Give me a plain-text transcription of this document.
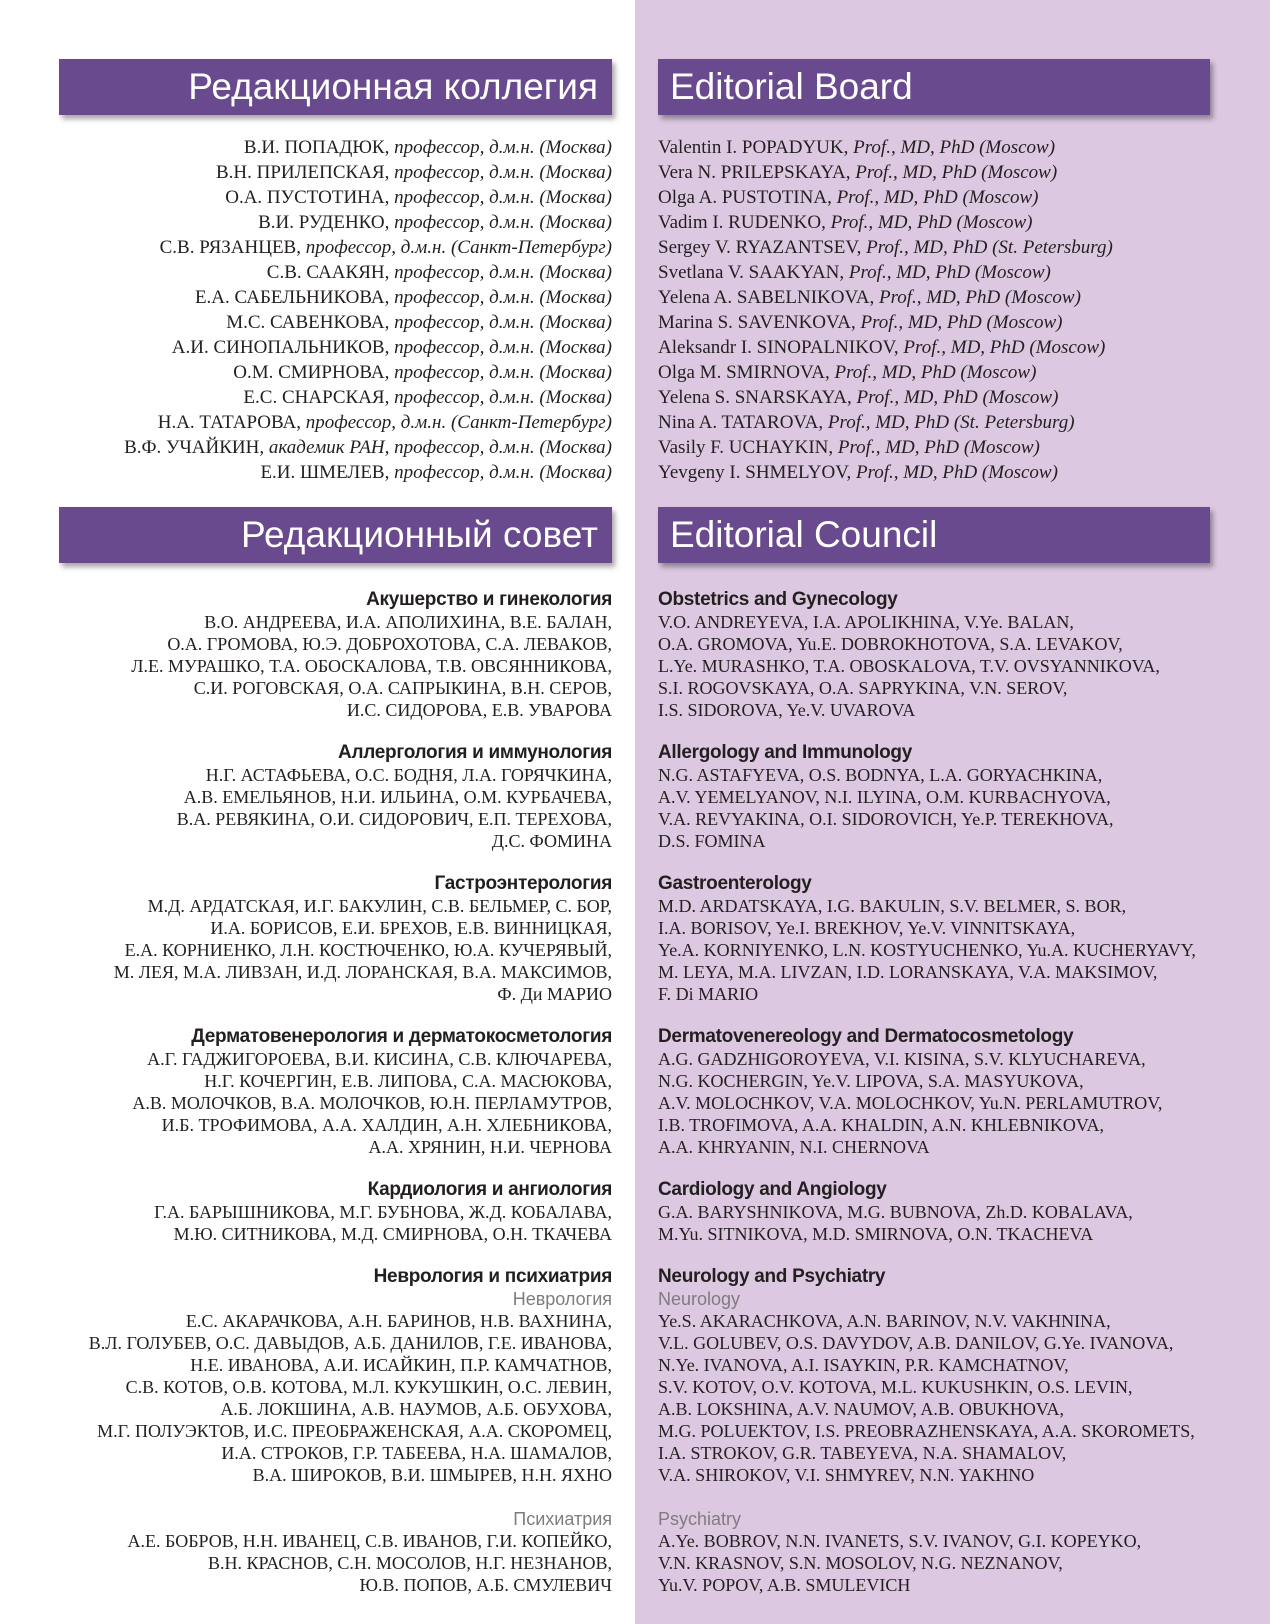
Редакционная коллегия
В.И. ПОПАДЮК, профессор, д.м.н. (Москва)
В.Н. ПРИЛЕПСКАЯ, профессор, д.м.н. (Москва)
О.А. ПУСТОТИНА, профессор, д.м.н. (Москва)
В.И. РУДЕНКО, профессор, д.м.н. (Москва)
С.В. РЯЗАНЦЕВ, профессор, д.м.н. (Санкт-Петербург)
С.В. СААКЯН, профессор, д.м.н. (Москва)
Е.А. САБЕЛЬНИКОВА, профессор, д.м.н. (Москва)
М.С. САВЕНКОВА, профессор, д.м.н. (Москва)
А.И. СИНОПАЛЬНИКОВ, профессор, д.м.н. (Москва)
О.М. СМИРНОВА, профессор, д.м.н. (Москва)
Е.С. СНАРСКАЯ, профессор, д.м.н. (Москва)
Н.А. ТАТАРОВА, профессор, д.м.н. (Санкт-Петербург)
В.Ф. УЧАЙКИН, академик РАН, профессор, д.м.н. (Москва)
Е.И. ШМЕЛЕВ, профессор, д.м.н. (Москва)
Редакционный совет
Акушерство и гинекология
В.О. АНДРЕЕВА, И.А. АПОЛИХИНА, В.Е. БАЛАН,
О.А. ГРОМОВА, Ю.Э. ДОБРОХОТОВА, С.А. ЛЕВАКОВ,
Л.Е. МУРАШКО, Т.А. ОБОСКАЛОВА, Т.В. ОВСЯННИКОВА,
С.И. РОГОВСКАЯ, О.А. САПРЫКИНА, В.Н. СЕРОВ,
И.С. СИДОРОВА, Е.В. УВАРОВА
Аллергология и иммунология
Н.Г. АСТАФЬЕВА, О.С. БОДНЯ, Л.А. ГОРЯЧКИНА,
А.В. ЕМЕЛЬЯНОВ, Н.И. ИЛЬИНА, О.М. КУРБАЧЕВА,
В.А. РЕВЯКИНА, О.И. СИДОРОВИЧ, Е.П. ТЕРЕХОВА,
Д.С. ФОМИНА
Гастроэнтерология
М.Д. АРДАТСКАЯ, И.Г. БАКУЛИН, С.В. БЕЛЬМЕР, С. БОР,
И.А. БОРИСОВ, Е.И. БРЕХОВ, Е.В. ВИННИЦКАЯ,
Е.А. КОРНИЕНКО, Л.Н. КОСТЮЧЕНКО, Ю.А. КУЧЕРЯВЫЙ,
М. ЛЕЯ, М.А. ЛИВЗАН, И.Д. ЛОРАНСКАЯ, В.А. МАКСИМОВ,
Ф. Ди МАРИО
Дерматовенерология и дерматокосметология
А.Г. ГАДЖИГОРОЕВА, В.И. КИСИНА, С.В. КЛЮЧАРЕВА,
Н.Г. КОЧЕРГИН, Е.В. ЛИПОВА, С.А. МАСЮКОВА,
А.В. МОЛОЧКОВ, В.А. МОЛОЧКОВ, Ю.Н. ПЕРЛАМУТРОВ,
И.Б. ТРОФИМОВА, А.А. ХАЛДИН, А.Н. ХЛЕБНИКОВА,
А.А. ХРЯНИН, Н.И. ЧЕРНОВА
Кардиология и ангиология
Г.А. БАРЫШНИКОВА, М.Г. БУБНОВА, Ж.Д. КОБАЛАВА,
М.Ю. СИТНИКОВА, М.Д. СМИРНОВА, О.Н. ТКАЧЕВА
Неврология и психиатрия
Неврология
Е.С. АКАРАЧКОВА, А.Н. БАРИНОВ, Н.В. ВАХНИНА,
В.Л. ГОЛУБЕВ, О.С. ДАВЫДОВ, А.Б. ДАНИЛОВ, Г.Е. ИВАНОВА,
Н.Е. ИВАНОВА, А.И. ИСАЙКИН, П.Р. КАМЧАТНОВ,
С.В. КОТОВ, О.В. КОТОВА, М.Л. КУКУШКИН, О.С. ЛЕВИН,
А.Б. ЛОКШИНА, А.В. НАУМОВ, А.Б. ОБУХОВА,
М.Г. ПОЛУЭКТОВ, И.С. ПРЕОБРАЖЕНСКАЯ, А.А. СКОРОМЕЦ,
И.А. СТРОКОВ, Г.Р. ТАБЕЕВА, Н.А. ШАМАЛОВ,
В.А. ШИРОКОВ, В.И. ШМЫРЕВ, Н.Н. ЯХНО
Психиатрия
А.Е. БОБРОВ, Н.Н. ИВАНЕЦ, С.В. ИВАНОВ, Г.И. КОПЕЙКО,
В.Н. КРАСНОВ, С.Н. МОСОЛОВ, Н.Г. НЕЗНАНОВ,
Ю.В. ПОПОВ, А.Б. СМУЛЕВИЧ
Editorial Board
Valentin I. POPADYUK, Prof., MD, PhD (Moscow)
Vera N. PRILEPSKAYA, Prof., MD, PhD (Moscow)
Olga A. PUSTOTINA, Prof., MD, PhD (Moscow)
Vadim I. RUDENKO, Prof., MD, PhD (Moscow)
Sergey V. RYAZANTSEV, Prof., MD, PhD (St. Petersburg)
Svetlana V. SAAKYAN, Prof., MD, PhD (Moscow)
Yelena A. SABELNIKOVA, Prof., MD, PhD (Moscow)
Marina S. SAVENKOVA, Prof., MD, PhD (Moscow)
Aleksandr I. SINOPALNIKOV, Prof., MD, PhD (Moscow)
Olga M. SMIRNOVA, Prof., MD, PhD (Moscow)
Yelena S. SNARSKAYA, Prof., MD, PhD (Moscow)
Nina A. TATAROVA, Prof., MD, PhD (St. Petersburg)
Vasily F. UCHAYKIN, Prof., MD, PhD (Moscow)
Yevgeny I. SHMELYOV, Prof., MD, PhD (Moscow)
Editorial Council
Obstetrics and Gynecology
V.O. ANDREYEVA, I.A. APOLIKHINA, V.Ye. BALAN,
O.A. GROMOVA, Yu.E. DOBROKHOTOVA, S.A. LEVAKOV,
L.Ye. MURASHKO, T.A. OBOSKALOVA, T.V. OVSYANNIKOVA,
S.I. ROGOVSKAYA, O.A. SAPRYKINA, V.N. SEROV,
I.S. SIDOROVA, Ye.V. UVAROVA
Allergology and Immunology
N.G. ASTAFYEVA, O.S. BODNYA, L.A. GORYACHKINA,
A.V. YEMELYANOV, N.I. ILYINA, O.M. KURBACHYOVA,
V.A. REVYAKINA, O.I. SIDOROVICH, Ye.P. TEREKHOVA,
D.S. FOMINA
Gastroenterology
M.D. ARDATSKAYA, I.G. BAKULIN, S.V. BELMER, S. BOR,
I.A. BORISOV, Ye.I. BREKHOV, Ye.V. VINNITSKAYA,
Ye.A. KORNIYENKO, L.N. KOSTYUCHENKO, Yu.A. KUCHERYAVY,
M. LEYA, M.A. LIVZAN, I.D. LORANSKAYA, V.A. MAKSIMOV,
F. Di MARIO
Dermatovenereology and Dermatocosmetology
A.G. GADZHIGOROYEVA, V.I. KISINA, S.V. KLYUCHAREVA,
N.G. KOCHERGIN, Ye.V. LIPOVA, S.A. MASYUKOVA,
A.V. MOLOCHKOV, V.A. MOLOCHKOV, Yu.N. PERLAMUTROV,
I.B. TROFIMOVA, A.A. KHALDIN, A.N. KHLEBNIKOVA,
A.A. KHRYANIN, N.I. CHERNOVA
Cardiology and Angiology
G.A. BARYSHNIKOVA, M.G. BUBNOVA, Zh.D. KOBALAVA,
M.Yu. SITNIKOVA, M.D. SMIRNOVA, O.N. TKACHEVA
Neurology and Psychiatry
Neurology
Ye.S. AKARACHKOVA, A.N. BARINOV, N.V. VAKHNINA,
V.L. GOLUBEV, O.S. DAVYDOV, A.B. DANILOV, G.Ye. IVANOVA,
N.Ye. IVANOVA, A.I. ISAYKIN, P.R. KAMCHATNOV,
S.V. KOTOV, O.V. KOTOVA, M.L. KUKUSHKIN, O.S. LEVIN,
A.B. LOKSHINA, A.V. NAUMOV, A.B. OBUKHOVA,
M.G. POLUEKTOV, I.S. PREOBRAZHENSKAYA, A.A. SKOROMETS,
I.A. STROKOV, G.R. TABEYEVA, N.A. SHAMALOV,
V.A. SHIROKOV, V.I. SHMYREV, N.N. YAKHNO
Psychiatry
A.Ye. BOBROV, N.N. IVANETS, S.V. IVANOV, G.I. KOPEYKO,
V.N. KRASNOV, S.N. MOSOLOV, N.G. NEZNANOV,
Yu.V. POPOV, A.B. SMULEVICH
